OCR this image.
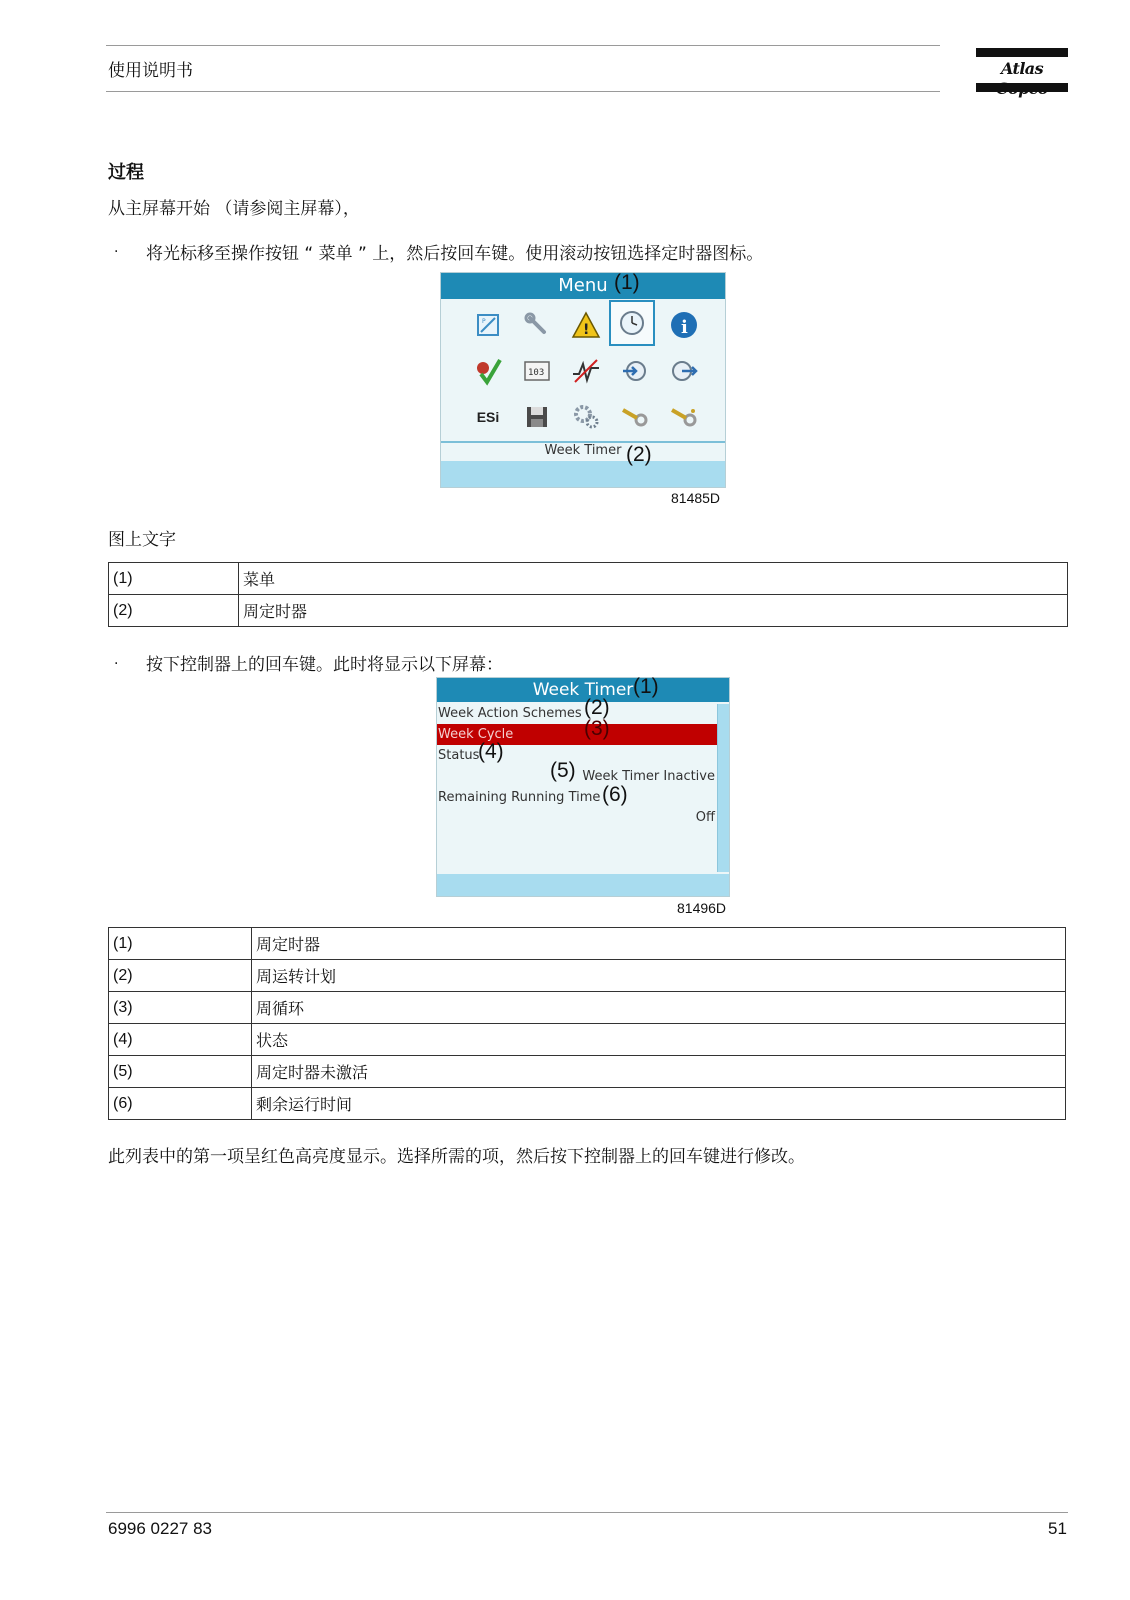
使用说明书	Atlas
过程
从主屏幕开始 （请参阅主屏幕），
· 将光标移至操作按钮 “ 菜单 ” 上，然后按回车键。使用滚动按钮选择定时器图标。
Menu
P
!	i
103
ESi
Week Timer
(1)
(2)
81485D
图上文字
(1)	菜单
(2)	周定时器
· 按下控制器上的回车键。此时将显示以下屏幕：
Week Timer
Week Action Schemes
Week Cycle
Status
Week Timer Inactive
Remaining Running Time
Off
(1)
(2)
(3)
(4)
(5)
(6)
81496D
(1)	周定时器
(2)	周运转计划
(3)	周循环
(4)	状态
(5)	周定时器未激活
(6)	剩余运行时间
此列表中的第一项呈红色高亮度显示。选择所需的项，然后按下控制器上的回车键进行修改。
6996 0227 83	51
